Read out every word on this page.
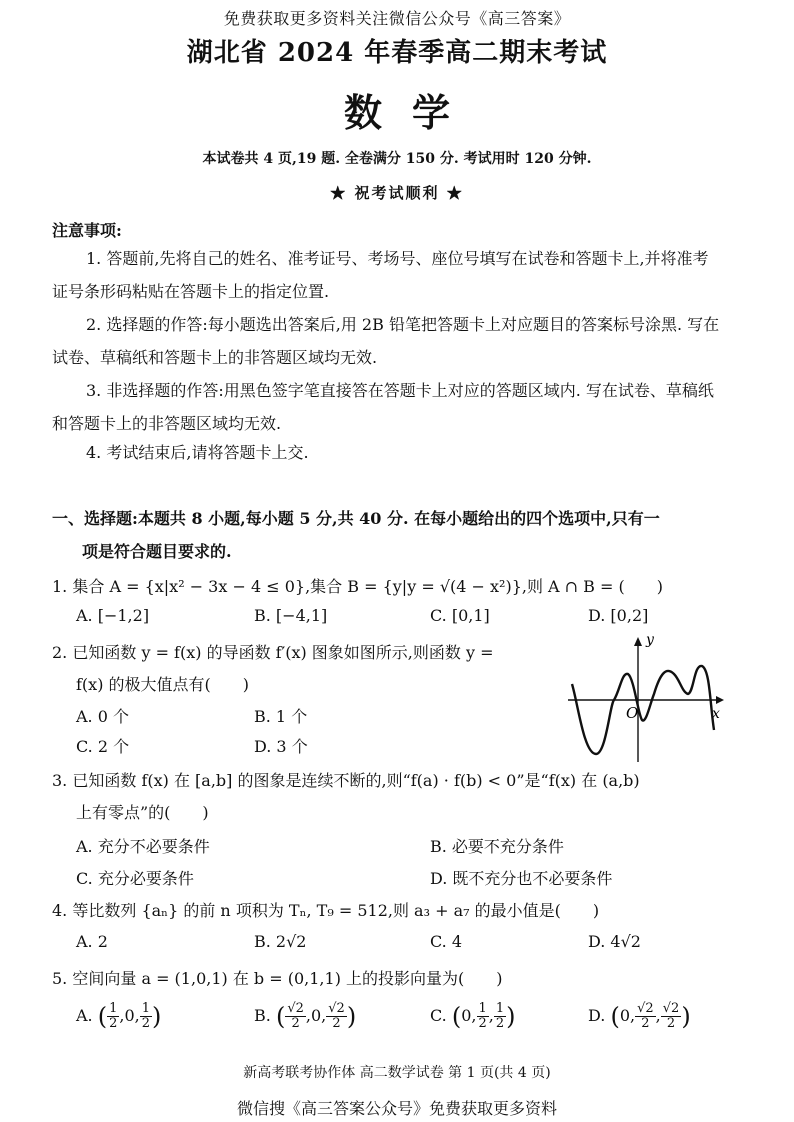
免费获取更多资料关注微信公众号《高三答案》
湖北省 2024 年春季高二期末考试
数学
本试卷共 4 页,19 题. 全卷满分 150 分. 考试用时 120 分钟.
★ 祝考试顺利 ★
注意事项:
1. 答题前,先将自己的姓名、准考证号、考场号、座位号填写在试卷和答题卡上,并将准考证号条形码粘贴在答题卡上的指定位置.
2. 选择题的作答:每小题选出答案后,用 2B 铅笔把答题卡上对应题目的答案标号涂黑. 写在试卷、草稿纸和答题卡上的非答题区域均无效.
3. 非选择题的作答:用黑色签字笔直接答在答题卡上对应的答题区域内. 写在试卷、草稿纸和答题卡上的非答题区域均无效.
4. 考试结束后,请将答题卡上交.
一、选择题:本题共 8 小题,每小题 5 分,共 40 分. 在每小题给出的四个选项中,只有一
项是符合题目要求的.
1. 集合 A = {x|x² − 3x − 4 ≤ 0},集合 B = {y|y = √(4 − x²)},则 A ∩ B = (　　)
A. [−1,2]	B. [−4,1]	C. [0,1]	D. [0,2]
2. 已知函数 y = f(x) 的导函数 f′(x) 图象如图所示,则函数 y =
f(x) 的极大值点有(　　)
A. 0 个	B. 1 个
C. 2 个	D. 3 个
y
x
O
3. 已知函数 f(x) 在 [a,b] 的图象是连续不断的,则“f(a) · f(b) < 0”是“f(x) 在 (a,b)
上有零点”的(　　)
A. 充分不必要条件	B. 必要不充分条件
C. 充分必要条件	D. 既不充分也不必要条件
4. 等比数列 {aₙ} 的前 n 项积为 Tₙ, T₉ = 512,则 a₃ + a₇ 的最小值是(　　)
A. 2	B. 2√2	C. 4	D. 4√2
5. 空间向量 a = (1,0,1) 在 b = (0,1,1) 上的投影向量为(　　)
A. ( $\frac{1}{2} ,0$, $\frac{1}{2}$ )	B. ( $\frac{√2}{2} ,0$, $\frac{√2}{2}$ )	C. (0, $\frac{1}{2}$ , $\frac{1}{2}$ )	D. (0, $\frac{√2}{2}$ , $\frac{√2}{2}$ )
新高考联考协作体 高二数学试卷 第 1 页(共 4 页)
微信搜《高三答案公众号》免费获取更多资料
